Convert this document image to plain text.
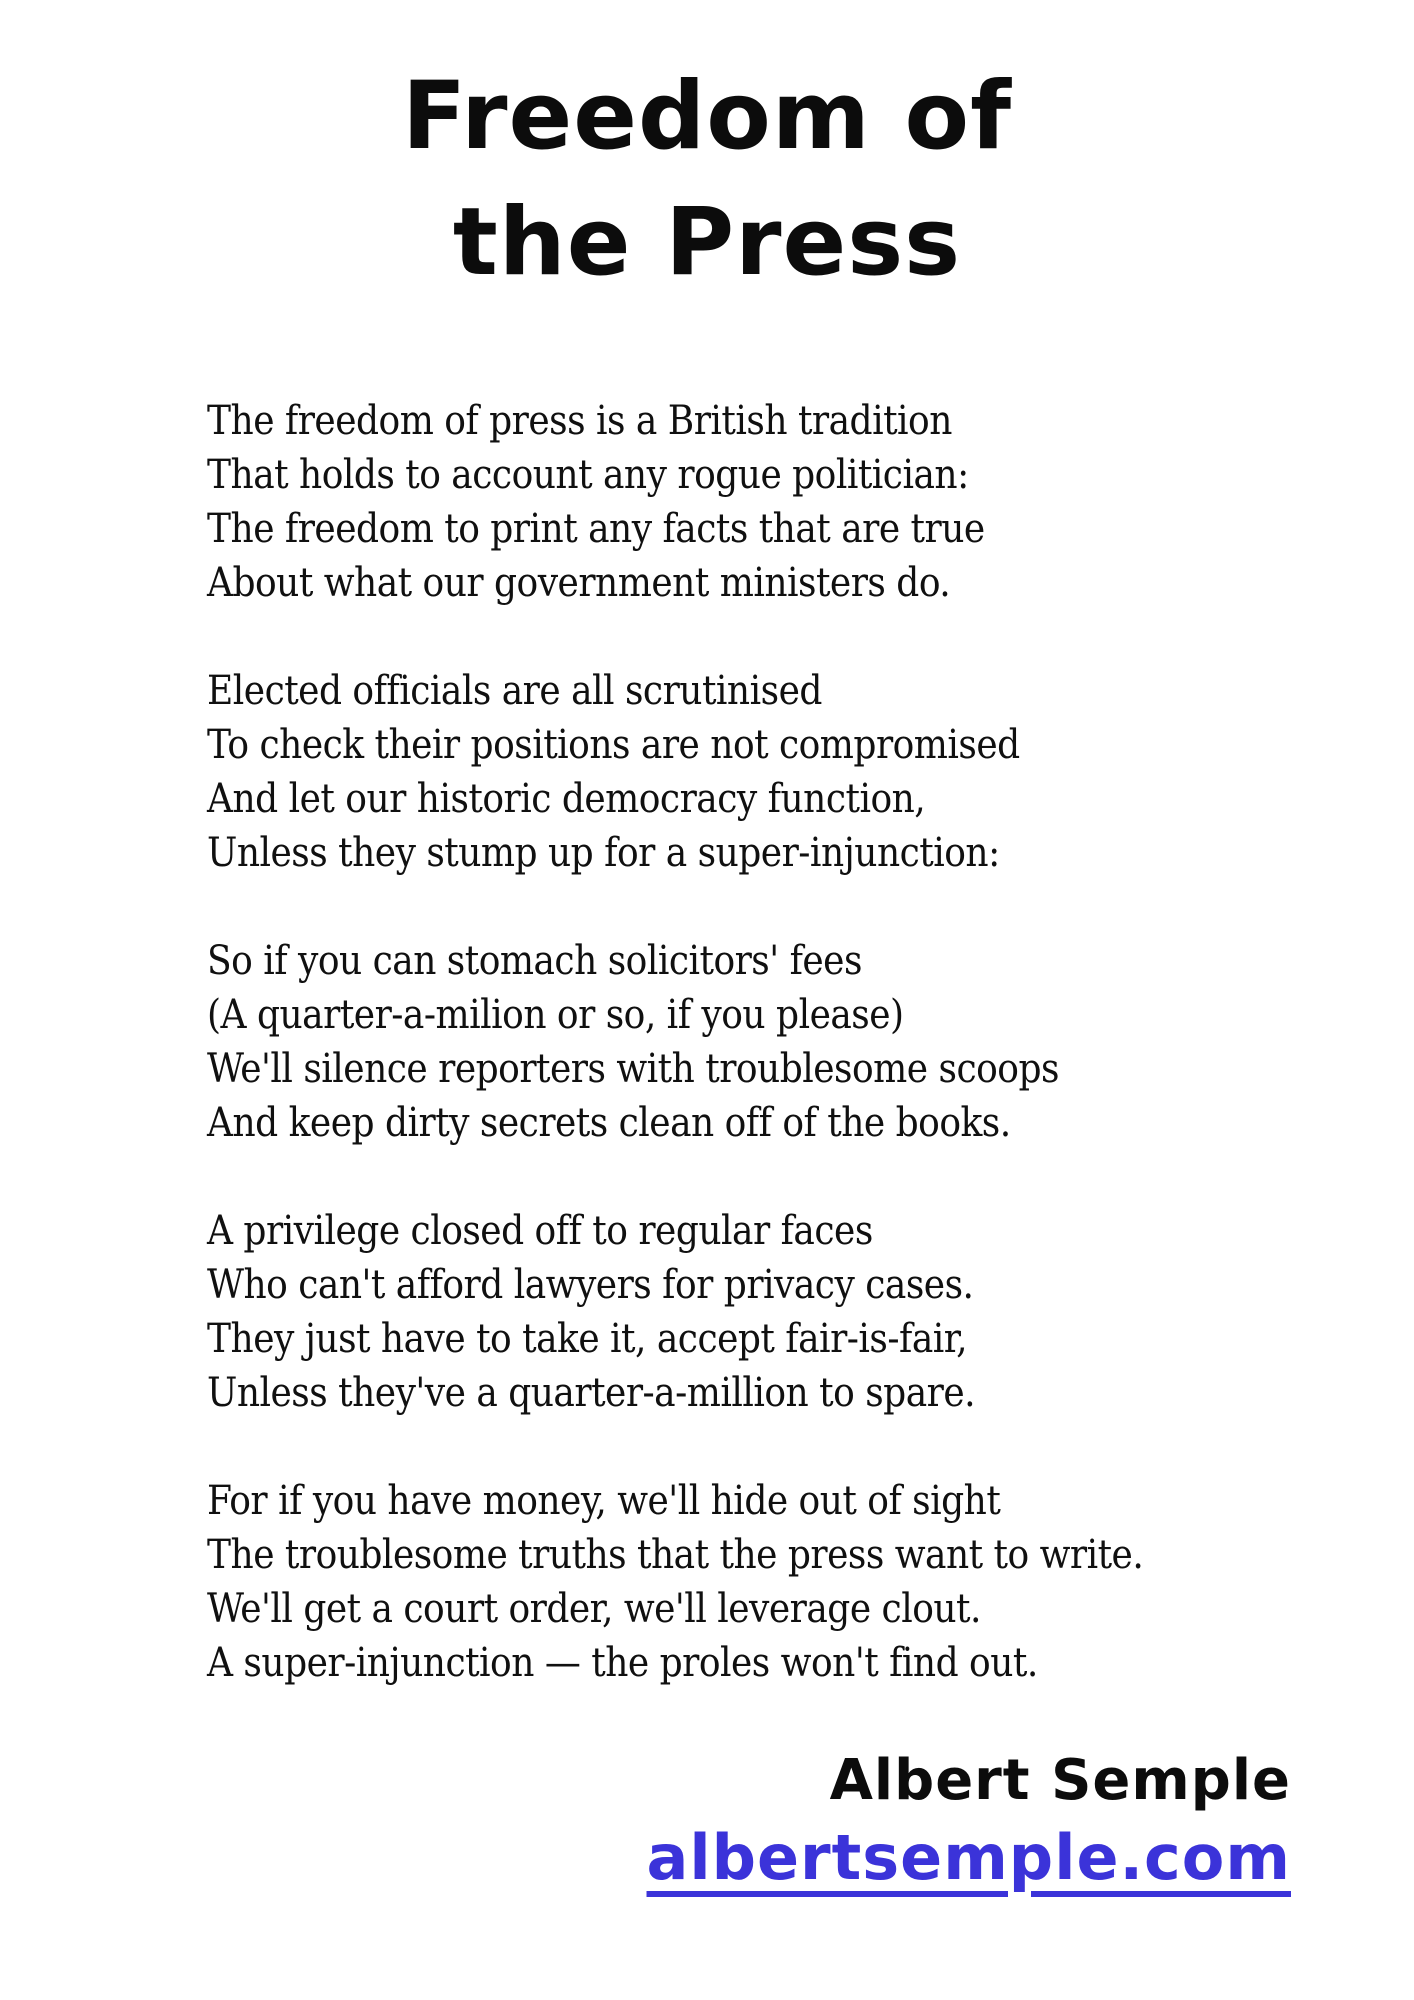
Freedom of
the Press
The freedom of press is a British tradition
That holds to account any rogue politician:
The freedom to print any facts that are true
About what our government ministers do.
Elected officials are all scrutinised
To check their positions are not compromised
And let our historic democracy function,
Unless they stump up for a super-injunction:
So if you can stomach solicitors' fees
(A quarter-a-milion or so, if you please)
We'll silence reporters with troublesome scoops
And keep dirty secrets clean off of the books.
A privilege closed off to regular faces
Who can't afford lawyers for privacy cases.
They just have to take it, accept fair-is-fair,
Unless they've a quarter-a-million to spare.
For if you have money, we'll hide out of sight
The troublesome truths that the press want to write.
We'll get a court order, we'll leverage clout.
A super-injunction — the proles won't find out.
Albert Semple
albertsemple.com
